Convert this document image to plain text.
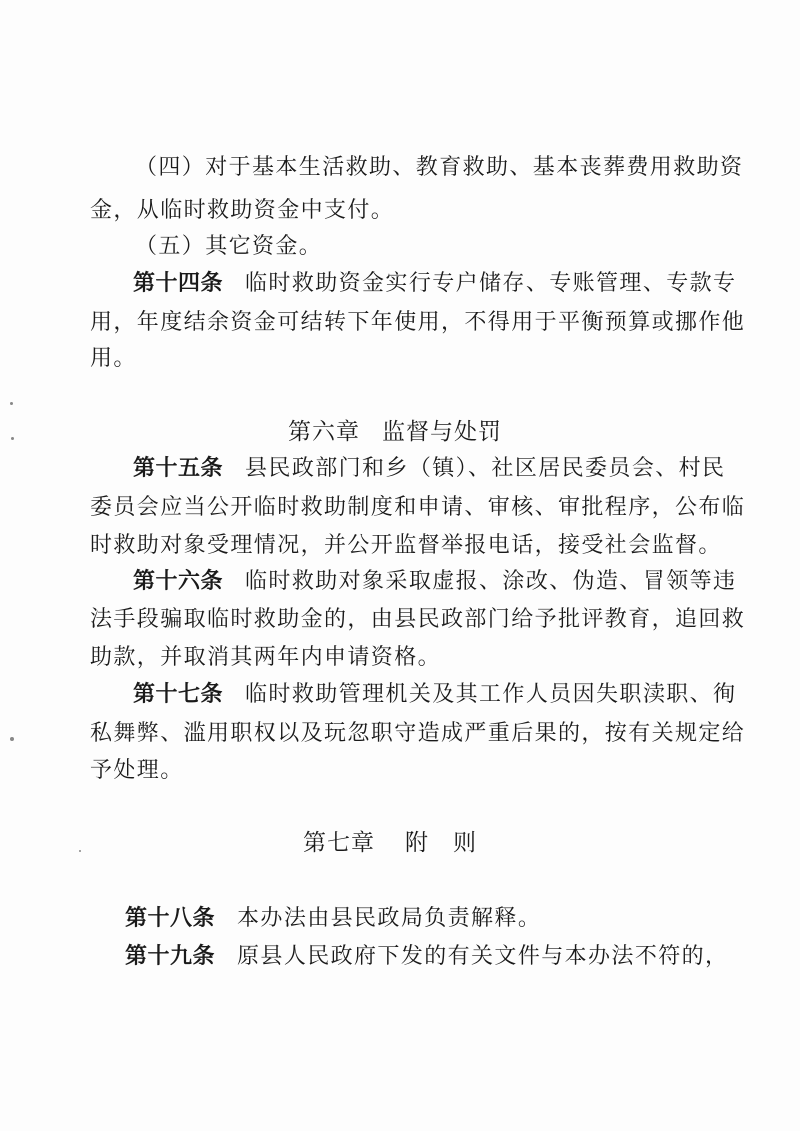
（四）对于基本生活救助、教育救助、基本丧葬费用救助资
金，从临时救助资金中支付。
（五）其它资金。
第十四条 临时救助资金实行专户储存、专账管理、专款专
用，年度结余资金可结转下年使用，不得用于平衡预算或挪作他
用。
第六章 监督与处罚
第十五条 县民政部门和乡（镇）、社区居民委员会、村民
委员会应当公开临时救助制度和申请、审核、审批程序，公布临
时救助对象受理情况，并公开监督举报电话，接受社会监督。
第十六条 临时救助对象采取虚报、涂改、伪造、冒领等违
法手段骗取临时救助金的，由县民政部门给予批评教育，追回救
助款，并取消其两年内申请资格。
第十七条 临时救助管理机关及其工作人员因失职渎职、徇
私舞弊、滥用职权以及玩忽职守造成严重后果的，按有关规定给
予处理。
第七章 附　则
第十八条 本办法由县民政局负责解释。
第十九条 原县人民政府下发的有关文件与本办法不符的，
